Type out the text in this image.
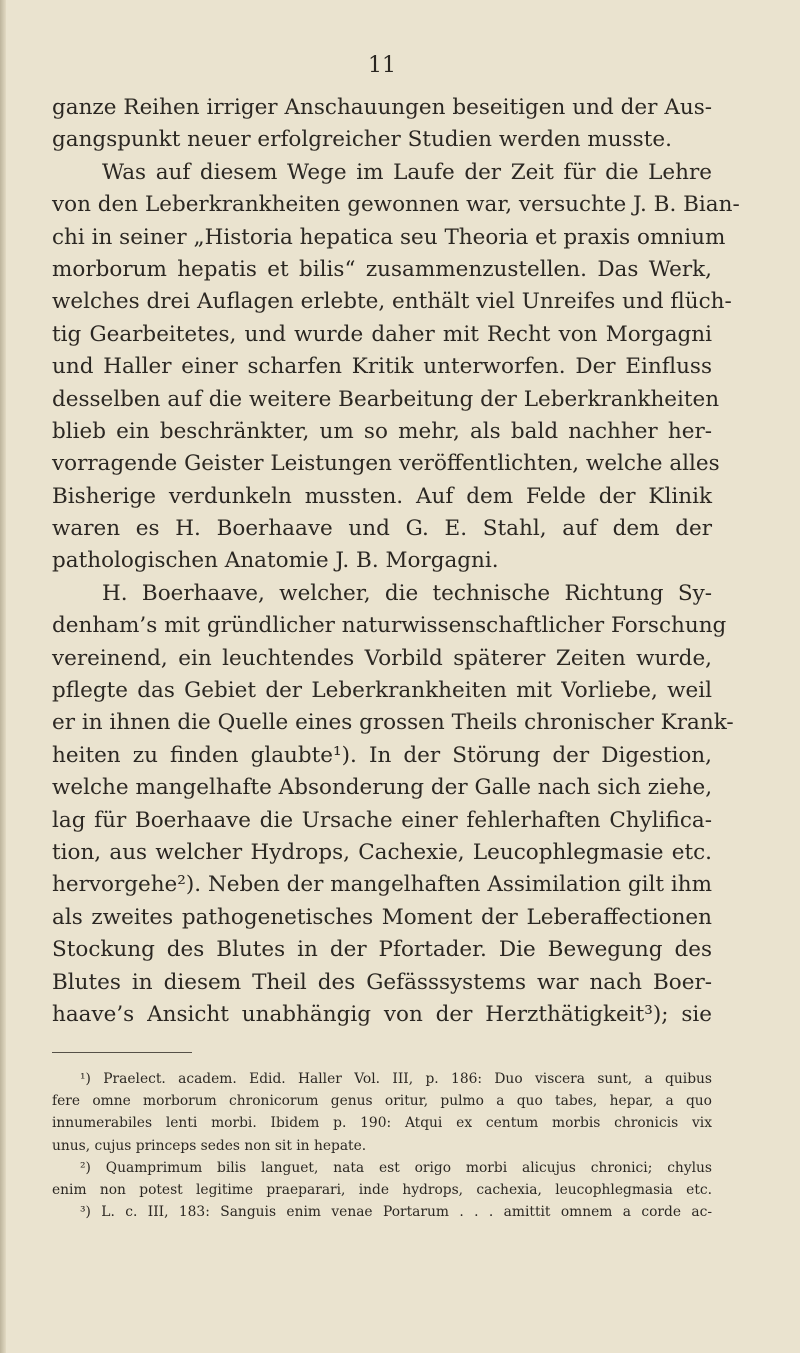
11
ganze Reihen irriger Anschauungen beseitigen und der Aus-
gangspunkt neuer erfolgreicher Studien werden musste.
Was auf diesem Wege im Laufe der Zeit für die Lehre
von den Leberkrankheiten gewonnen war, versuchte J. B. Bian-
chi in seiner „Historia hepatica seu Theoria et praxis omnium
morborum hepatis et bilis“ zusammenzustellen. Das Werk,
welches drei Auflagen erlebte, enthält viel Unreifes und flüch-
tig Gearbeitetes, und wurde daher mit Recht von Morgagni
und Haller einer scharfen Kritik unterworfen. Der Einfluss
desselben auf die weitere Bearbeitung der Leberkrankheiten
blieb ein beschränkter, um so mehr, als bald nachher her-
vorragende Geister Leistungen veröffentlichten, welche alles
Bisherige verdunkeln mussten. Auf dem Felde der Klinik
waren es H. Boerhaave und G. E. Stahl, auf dem der
pathologischen Anatomie J. B. Morgagni.
H. Boerhaave, welcher, die technische Richtung Sy-
denham’s mit gründlicher naturwissenschaftlicher Forschung
vereinend, ein leuchtendes Vorbild späterer Zeiten wurde,
pflegte das Gebiet der Leberkrankheiten mit Vorliebe, weil
er in ihnen die Quelle eines grossen Theils chronischer Krank-
heiten zu finden glaubte¹). In der Störung der Digestion,
welche mangelhafte Absonderung der Galle nach sich ziehe,
lag für Boerhaave die Ursache einer fehlerhaften Chylifica-
tion, aus welcher Hydrops, Cachexie, Leucophlegmasie etc.
hervorgehe²). Neben der mangelhaften Assimilation gilt ihm
als zweites pathogenetisches Moment der Leberaffectionen
Stockung des Blutes in der Pfortader. Die Bewegung des
Blutes in diesem Theil des Gefässsystems war nach Boer-
haave’s Ansicht unabhängig von der Herzthätigkeit³); sie
¹) Praelect. academ. Edid. Haller Vol. III, p. 186: Duo viscera sunt, a quibus
fere omne morborum chronicorum genus oritur, pulmo a quo tabes, hepar, a quo
innumerabiles lenti morbi. Ibidem p. 190: Atqui ex centum morbis chronicis vix
unus, cujus princeps sedes non sit in hepate.
²) Quamprimum bilis languet, nata est origo morbi alicujus chronici; chylus
enim non potest legitime praeparari, inde hydrops, cachexia, leucophlegmasia etc.
³) L. c. III, 183: Sanguis enim venae Portarum . . . amittit omnem a corde ac-
